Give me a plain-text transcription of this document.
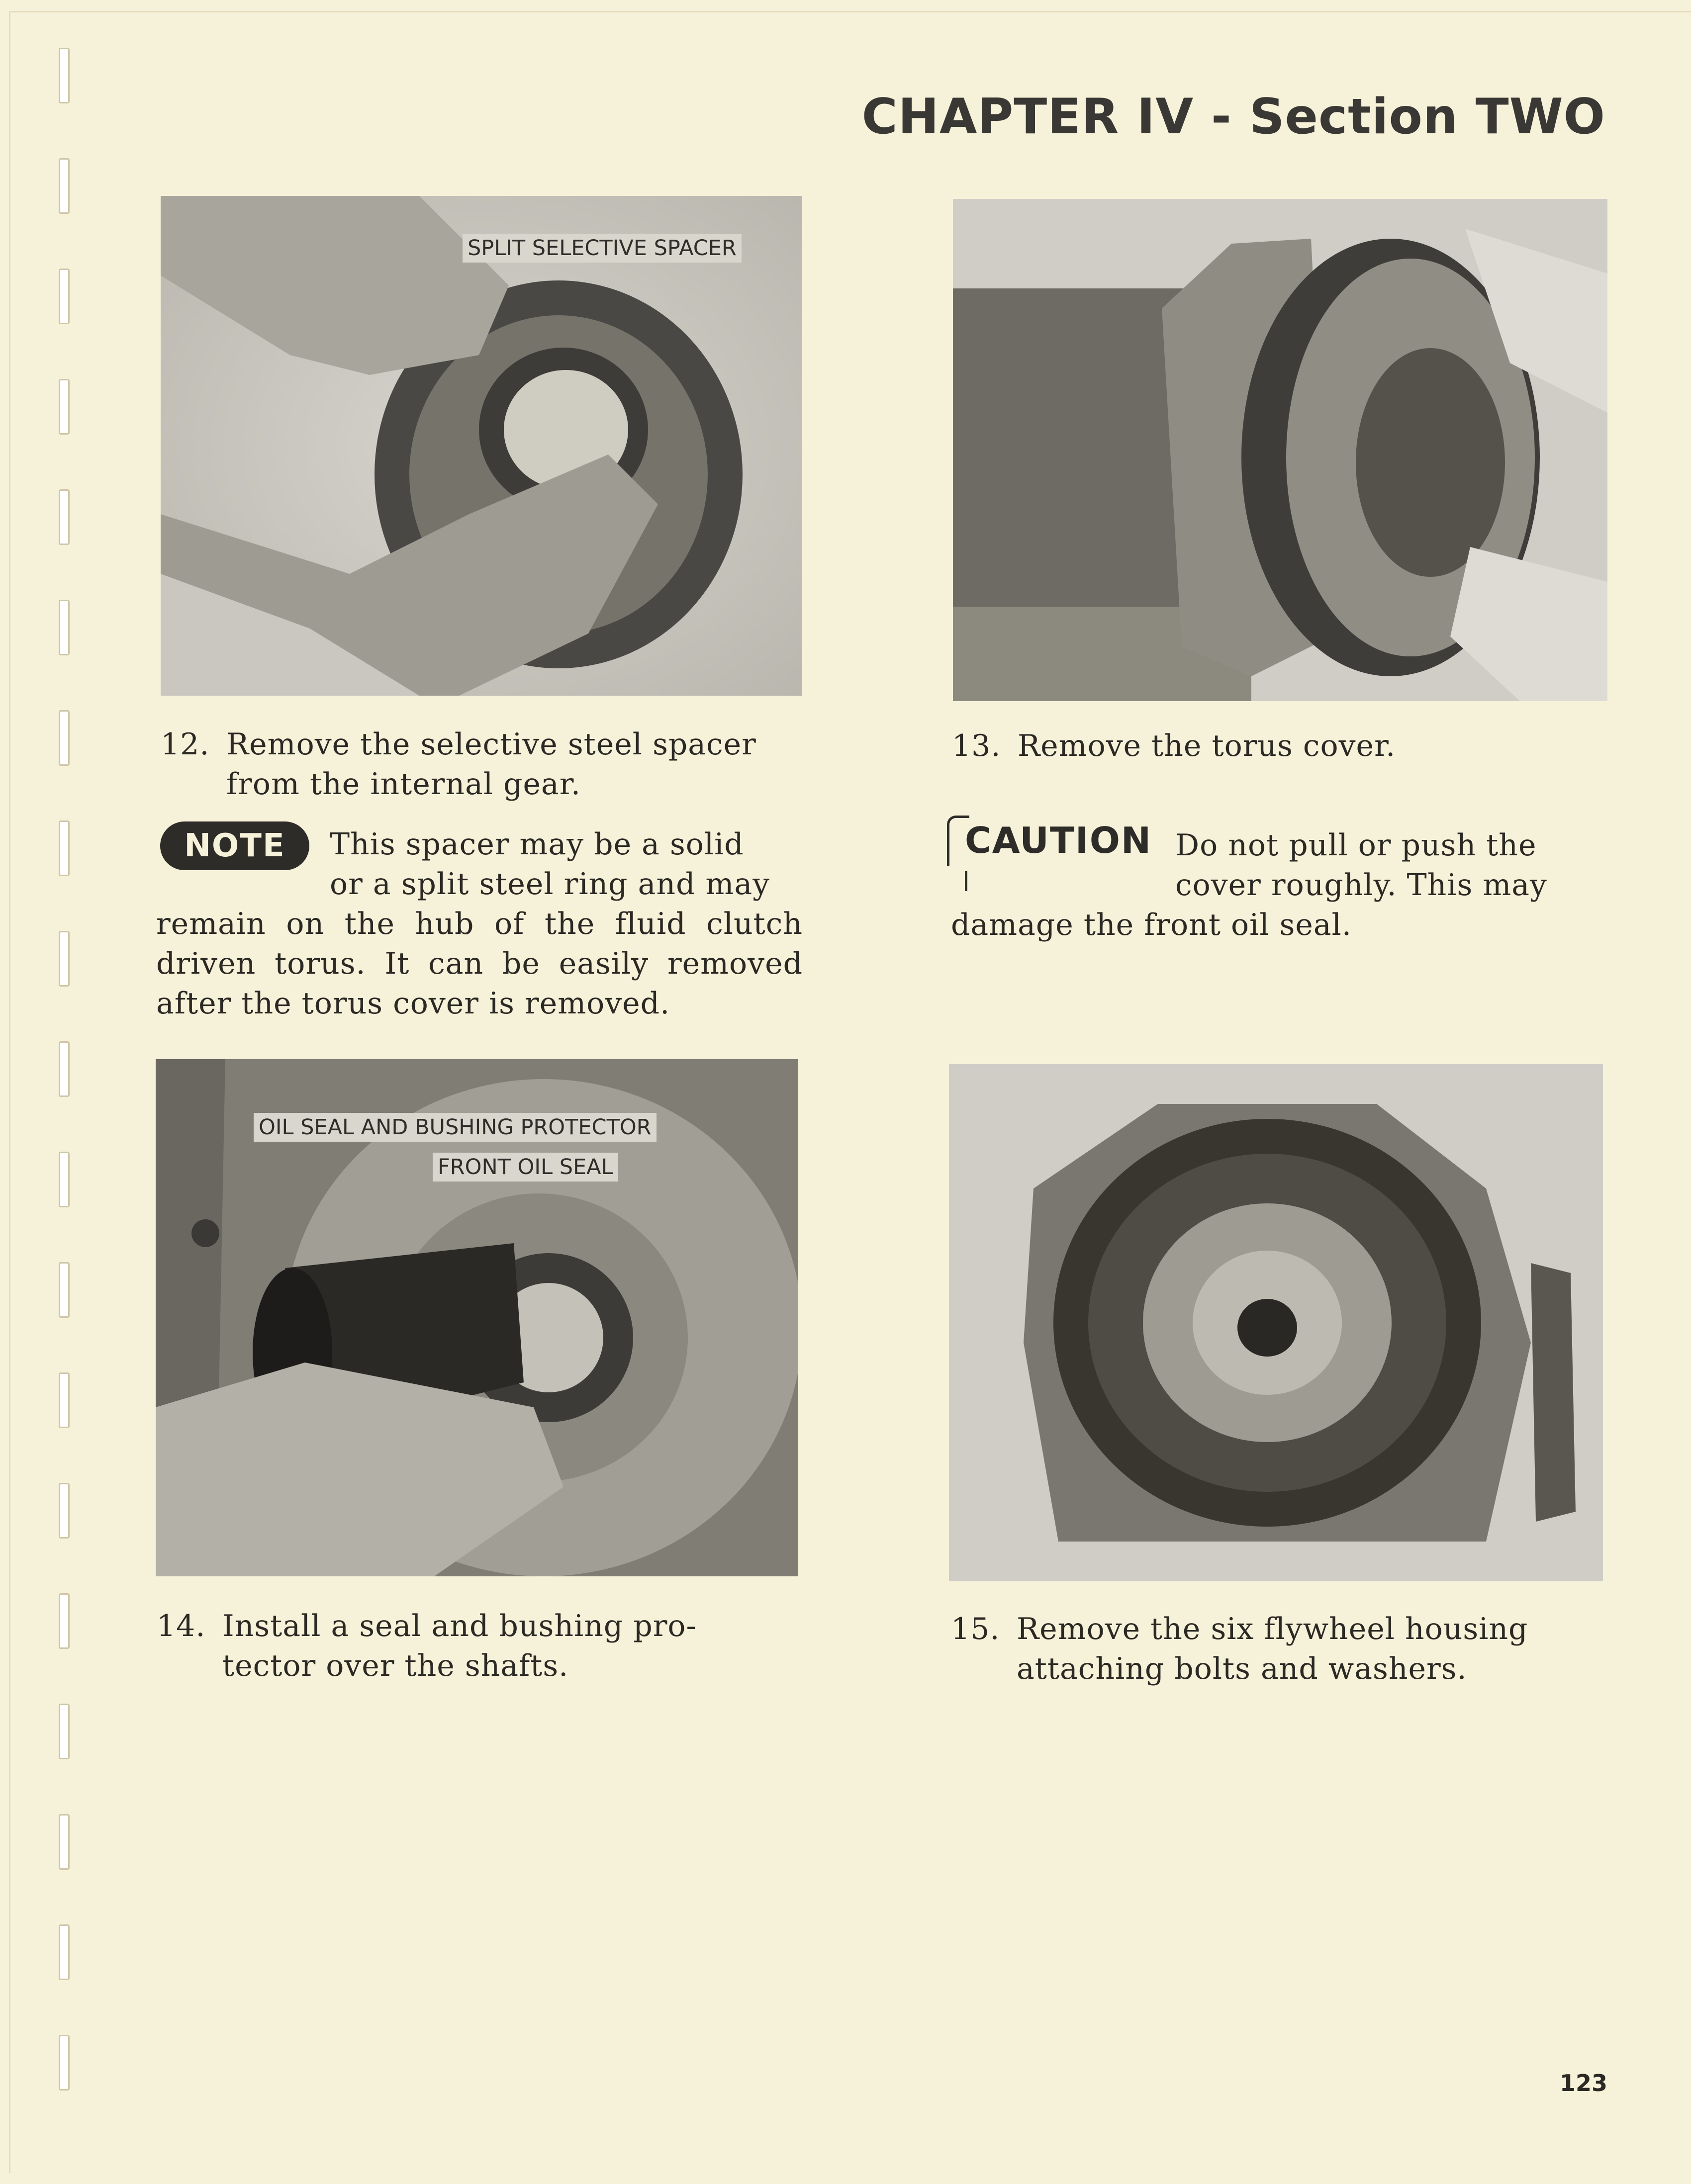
CHAPTER IV - Section TWO
SPLIT SELECTIVE SPACER
12. Remove the selective steel spacer
from the internal gear.
NOTE	This spacer may be a solid
or a split steel ring and may
remain on the hub of the fluid clutch driven torus. It can be easily removed after the torus cover is removed.
13. Remove the torus cover.
CAUTION Do not pull or push the
cover roughly. This may
damage the front oil seal.
OIL SEAL AND BUSHING PROTECTOR
FRONT OIL SEAL
14. Install a seal and bushing pro-
tector over the shafts.
15. Remove the six flywheel housing
attaching bolts and washers.
123
